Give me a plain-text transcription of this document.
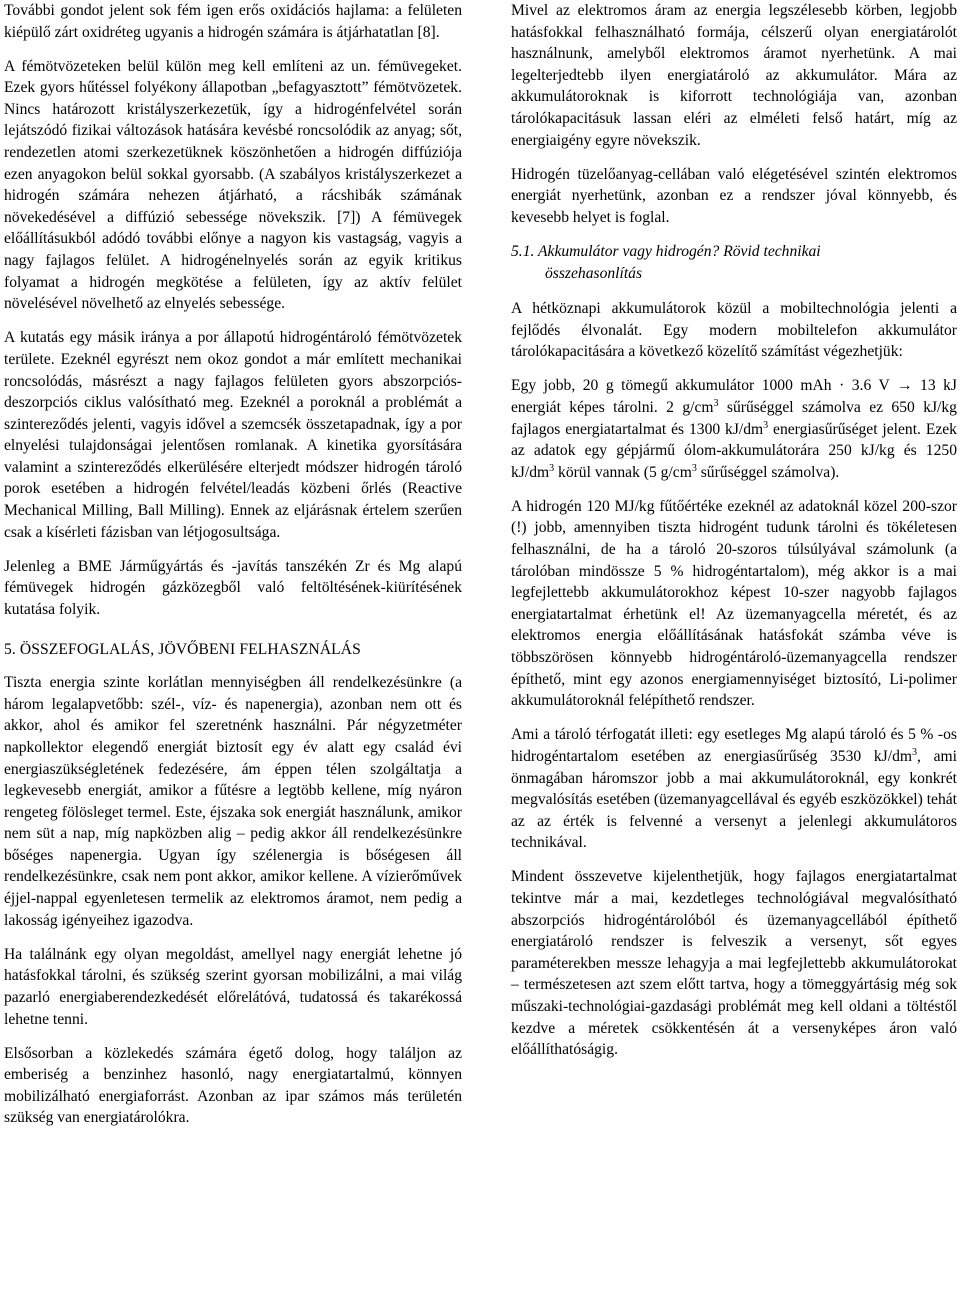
További gondot jelent sok fém igen erős oxidációs hajlama: a felületen kiépülő zárt oxidréteg ugyanis a hidrogén számára is átjárhatatlan [8].

A fémötvözeteken belül külön meg kell említeni az un. fémüvegeket. Ezek gyors hűtéssel folyékony állapotban „befagyasztott” fémötvözetek. Nincs határozott kristályszerkezetük, így a hidrogénfelvétel során lejátszódó fizikai változások hatására kevésbé roncsolódik az anyag; sőt, rendezetlen atomi szerkezetüknek köszönhetően a hidrogén diffúziója ezen anyagokon belül sokkal gyorsabb. (A szabályos kristályszerkezet a hidrogén számára nehezen átjárható, a rácshibák számának növekedésével a diffúzió sebessége növekszik. [7]) A fémüvegek előállításukból adódó további előnye a nagyon kis vastagság, vagyis a nagy fajlagos felület. A hidrogénelnyelés során az egyik kritikus folyamat a hidrogén megkötése a felületen, így az aktív felület növelésével növelhető az elnyelés sebessége.

A kutatás egy másik iránya a por állapotú hidrogéntároló fémötvözetek területe. Ezeknél egyrészt nem okoz gondot a már említett mechanikai roncsolódás, másrészt a nagy fajlagos felületen gyors abszorpciós-deszorpciós ciklus valósítható meg. Ezeknél a poroknál a problémát a szintereződés jelenti, vagyis idővel a szemcsék összetapadnak, így a por elnyelési tulajdonságai jelentősen romlanak. A kinetika gyorsítására valamint a szintereződés elkerülésére elterjedt módszer hidrogén tároló porok esetében a hidrogén felvétel/leadás közbeni őrlés (Reactive Mechanical Milling, Ball Milling). Ennek az eljárásnak értelem szerűen csak a kísérleti fázisban van létjogosultsága.

Jelenleg a BME Járműgyártás és -javítás tanszékén Zr és Mg alapú fémüvegek hidrogén gázközegből való feltöltésének-kiürítésének kutatása folyik.

5. ÖSSZEFOGLALÁS, JÖVŐBENI FELHASZNÁLÁS

Tiszta energia szinte korlátlan mennyiségben áll rendelkezésünkre (a három legalapvetőbb: szél-, víz- és napenergia), azonban nem ott és akkor, ahol és amikor fel szeretnénk használni. Pár négyzetméter napkollektor elegendő energiát biztosít egy év alatt egy család évi energiaszükségletének fedezésére, ám éppen télen szolgáltatja a legkevesebb energiát, amikor a fűtésre a legtöbb kellene, míg nyáron rengeteg fölösleget termel. Este, éjszaka sok energiát használunk, amikor nem süt a nap, míg napközben alig – pedig akkor áll rendelkezésünkre bőséges napenergia. Ugyan így szélenergia is bőségesen áll rendelkezésünkre, csak nem pont akkor, amikor kellene. A vízierőművek éjjel-nappal egyenletesen termelik az elektromos áramot, nem pedig a lakosság igényeihez igazodva.

Ha találnánk egy olyan megoldást, amellyel nagy energiát lehetne jó hatásfokkal tárolni, és szükség szerint gyorsan mobilizálni, a mai világ pazarló energiaberendezkedését előrelátóvá, tudatossá és takarékossá lehetne tenni.

Elsősorban a közlekedés számára égető dolog, hogy találjon az emberiség a benzinhez hasonló, nagy energiatartalmú, könnyen mobilizálható energiaforrást. Azonban az ipar számos más területén szükség van energiatárolókra.

Mivel az elektromos áram az energia legszélesebb körben, legjobb hatásfokkal felhasználható formája, célszerű olyan energiatárolót használnunk, amelyből elektromos áramot nyerhetünk. A mai legelterjedtebb ilyen energiatároló az akkumulátor. Mára az akkumulátoroknak is kiforrott technológiája van, azonban tárolókapacitásuk lassan eléri az elméleti felső határt, míg az energiaigény egyre növekszik.

Hidrogén tüzelőanyag-cellában való elégetésével szintén elektromos energiát nyerhetünk, azonban ez a rendszer jóval könnyebb, és kevesebb helyet is foglal.

5.1. Akkumulátor vagy hidrogén? Rövid technikai
összehasonlítás

A hétköznapi akkumulátorok közül a mobiltechnológia jelenti a fejlődés élvonalát. Egy modern mobiltelefon akkumulátor tárolókapacitására a következő közelítő számítást végezhetjük:

Egy jobb, 20 g tömegű akkumulátor 1000 mAh · 3.6 V → 13 kJ energiát képes tárolni. 2 $g/cm^3$ sűrűséggel számolva ez 650 kJ/kg fajlagos energiatartalmat és 1300 $kJ/dm^3$ energiasűrűséget jelent. Ezek az adatok egy gépjármű ólom-akkumulátorára 250 kJ/kg és 1250 $kJ/dm^3$ körül vannak (5 $g/cm^3$ sűrűséggel számolva).

A hidrogén 120 MJ/kg fűtőértéke ezeknél az adatoknál közel 200-szor (!) jobb, amennyiben tiszta hidrogént tudunk tárolni és tökéletesen felhasználni, de ha a tároló 20-szoros túlsúlyával számolunk (a tárolóban mindössze 5 % hidrogéntartalom), még akkor is a mai legfejlettebb akkumulátorokhoz képest 10-szer nagyobb fajlagos energiatartalmat érhetünk el! Az üzemanyagcella méretét, és az elektromos energia előállításának hatásfokát számba véve is többszörösen könnyebb hidrogéntároló-üzemanyagcella rendszer építhető, mint egy azonos energiamennyiséget biztosító, Li-polimer akkumulátoroknál felépíthető rendszer.

Ami a tároló térfogatát illeti: egy esetleges Mg alapú tároló és 5 % -os hidrogéntartalom esetében az energiasűrűség 3530 $kJ/dm^3$, ami önmagában háromszor jobb a mai akkumulátoroknál, egy konkrét megvalósítás esetében (üzemanyagcellával és egyéb eszközökkel) tehát az az érték is felvenné a versenyt a jelenlegi akkumulátoros technikával.

Mindent összevetve kijelenthetjük, hogy fajlagos energiatartalmat tekintve már a mai, kezdetleges technológiával megvalósítható abszorpciós hidrogéntárolóból és üzemanyagcellából építhető energiatároló rendszer is felveszik a versenyt, sőt egyes paraméterekben messze lehagyja a mai legfejlettebb akkumulátorokat – természetesen azt szem előtt tartva, hogy a tömeggyártásig még sok műszaki-technológiai-gazdasági problémát meg kell oldani a töltéstől kezdve a méretek csökkentésén át a versenyképes áron való előállíthatóságig.
